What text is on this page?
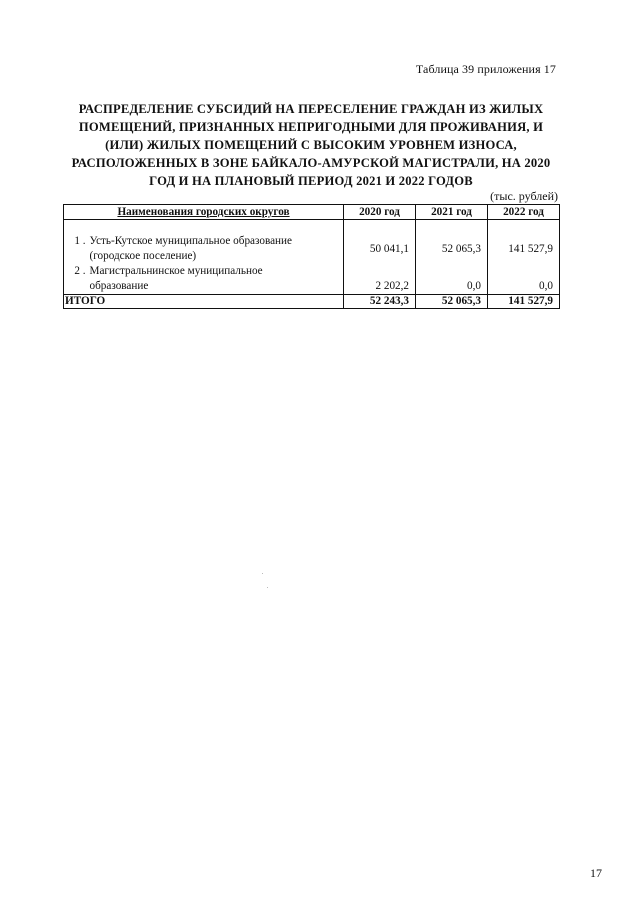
Таблица 39 приложения 17
РАСПРЕДЕЛЕНИЕ СУБСИДИЙ НА ПЕРЕСЕЛЕНИЕ ГРАЖДАН ИЗ ЖИЛЫХ
ПОМЕЩЕНИЙ, ПРИЗНАННЫХ НЕПРИГОДНЫМИ ДЛЯ ПРОЖИВАНИЯ, И
(ИЛИ) ЖИЛЫХ ПОМЕЩЕНИЙ С ВЫСОКИМ УРОВНЕМ ИЗНОСА,
РАСПОЛОЖЕННЫХ В ЗОНЕ БАЙКАЛО-АМУРСКОЙ МАГИСТРАЛИ, НА 2020
ГОД И НА ПЛАНОВЫЙ ПЕРИОД 2021 И 2022 ГОДОВ
(тыс. рублей)
Наименования городских округов		2020 год	2021 год	2022 год

1 .	Усть-Кутское муниципальное образование
(городское поселение)	50 041,1	52 065,3	141 527,9
2 .	Магистральнинское муниципальное
образование	2 202,2	0,0	0,0
ИТОГО		52 243,3	52 065,3	141 527,9
17
